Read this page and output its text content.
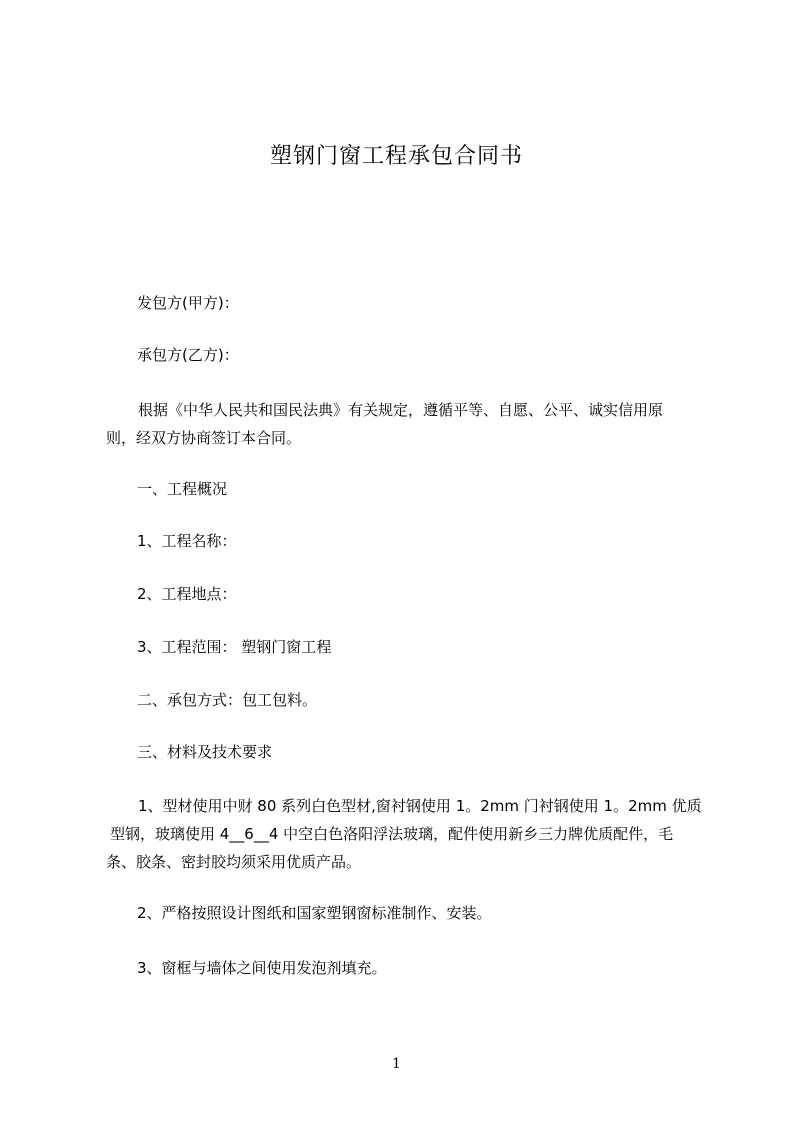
塑钢门窗工程承包合同书
发包方(甲方)：
承包方(乙方)：
根据《中华人民共和国民法典》有关规定，遵循平等、自愿、公平、诚实信用原
则，经双方协商签订本合同。
一、工程概况
1、工程名称：
2、工程地点：
3、工程范围： 塑钢门窗工程
二、承包方式：包工包料。
三、材料及技术要求
1、型材使用中财 80 系列白色型材,窗衬钢使用 1。2mm 门衬钢使用 1。2mm 优质
型钢，玻璃使用 4__6__4 中空白色洛阳浮法玻璃，配件使用新乡三力牌优质配件，毛
条、胶条、密封胶均须采用优质产品。
2、严格按照设计图纸和国家塑钢窗标准制作、安装。
3、窗框与墙体之间使用发泡剂填充。
1
